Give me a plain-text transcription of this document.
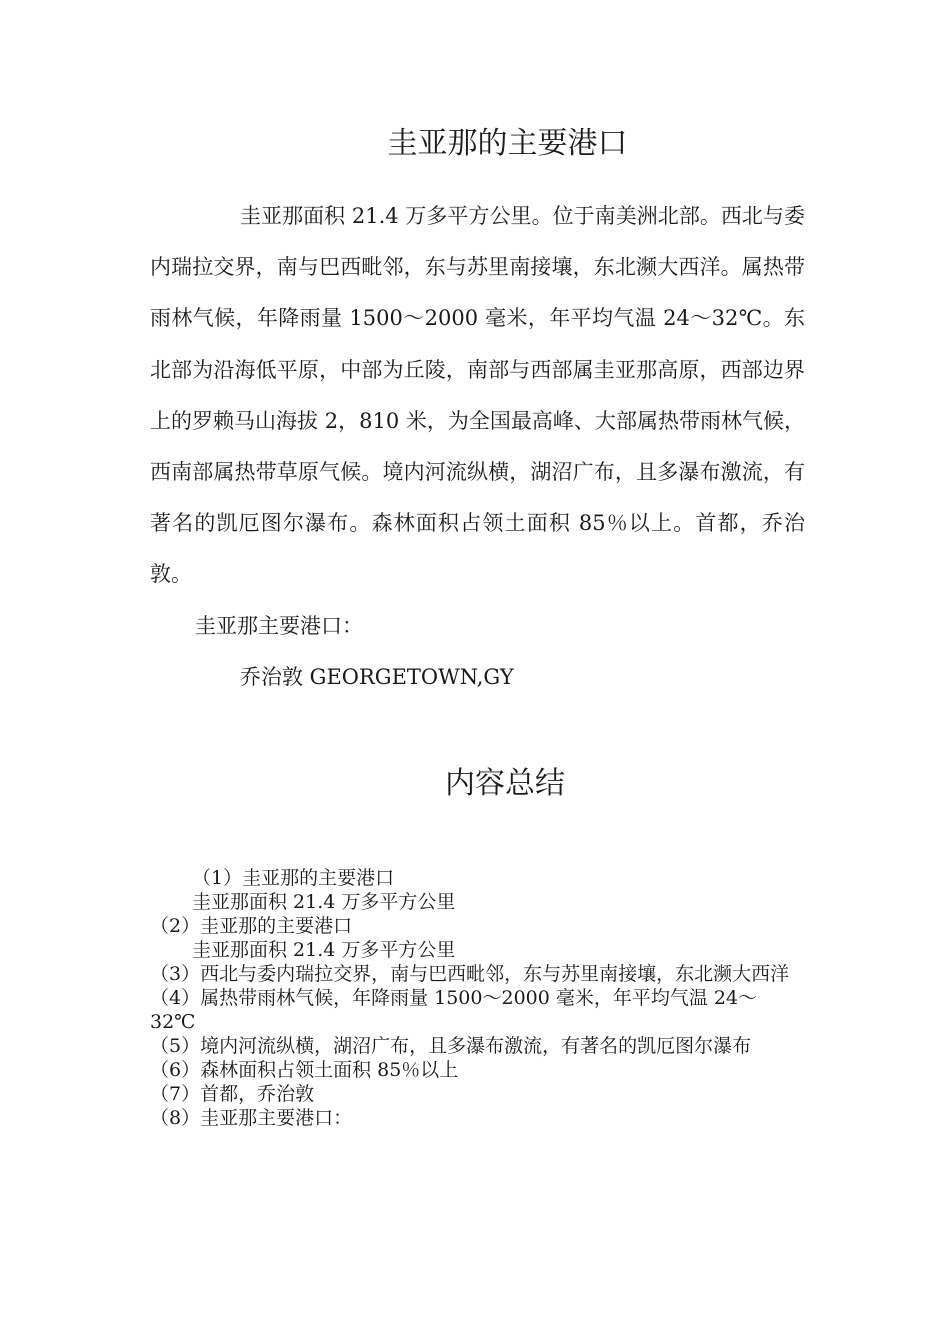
圭亚那的主要港口

圭亚那面积 21.4 万多平方公里。位于南美洲北部。西北与委内瑞拉交界，南与巴西毗邻，东与苏里南接壤，东北濒大西洋。属热带雨林气候，年降雨量 1500～2000 毫米，年平均气温 24～32℃。东北部为沿海低平原，中部为丘陵，南部与西部属圭亚那高原，西部边界上的罗赖马山海拔 2，810 米，为全国最高峰、大部属热带雨林气候，西南部属热带草原气候。境内河流纵横，湖沼广布，且多瀑布激流，有著名的凯厄图尔瀑布。森林面积占领土面积 85％以上。首都，乔治敦。

圭亚那主要港口：

乔治敦 GEORGETOWN,GY

内容总结
（1）圭亚那的主要港口
圭亚那面积 21.4 万多平方公里
（2）圭亚那的主要港口
圭亚那面积 21.4 万多平方公里
（3）西北与委内瑞拉交界，南与巴西毗邻，东与苏里南接壤，东北濒大西洋
（4）属热带雨林气候，年降雨量 1500～2000 毫米，年平均气温 24～32℃
（5）境内河流纵横，湖沼广布，且多瀑布激流，有著名的凯厄图尔瀑布
（6）森林面积占领土面积 85％以上
（7）首都，乔治敦
（8）圭亚那主要港口：
